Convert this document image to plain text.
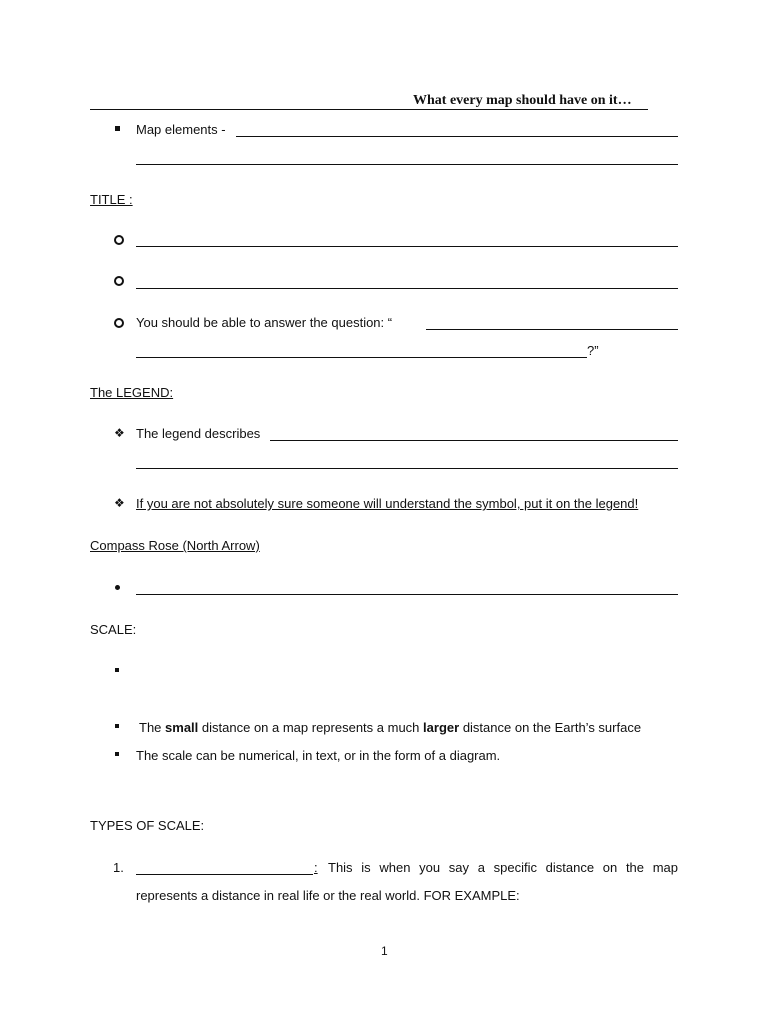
What every map should have on it…
Map elements -
TITLE :
You should be able to answer the question: “
?”
The LEGEND:
❖ The legend describes
❖ If you are not absolutely sure someone will understand the symbol, put it on the legend!
Compass Rose (North Arrow)
SCALE:
The small distance on a map represents a much larger distance on the Earth’s surface
The scale can be numerical, in text, or in the form of a diagram.
TYPES OF SCALE:
1.	: This is when you say a specific distance on the map
represents a distance in real life or the real world. FOR EXAMPLE:
1
